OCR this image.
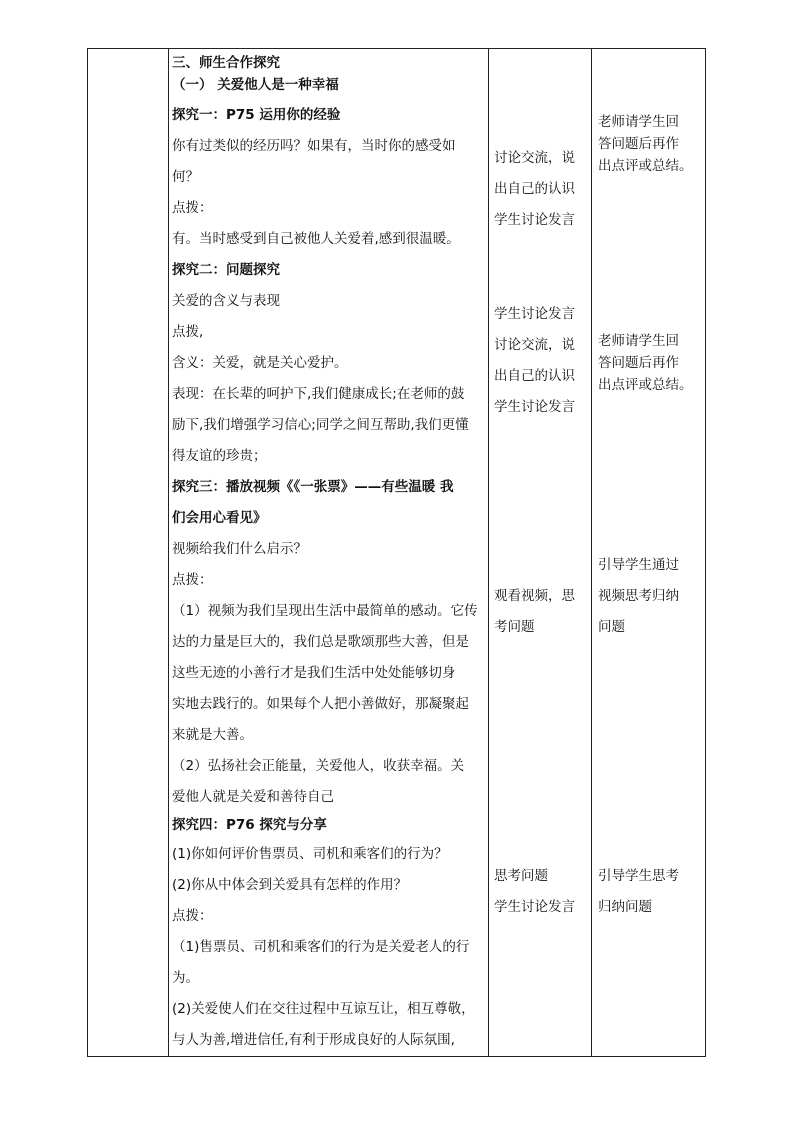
三、师生合作探究
（一） 关爱他人是一种幸福
探究一：P75 运用你的经验
你有过类似的经历吗？如果有，当时你的感受如
何？
点拨：
有。当时感受到自己被他人关爱着,感到很温暖。
探究二：问题探究
关爱的含义与表现
点拨,
含义：关爱，就是关心爱护。
表现：在长辈的呵护下,我们健康成长;在老师的鼓
励下,我们增强学习信心;同学之间互帮助,我们更懂
得友谊的珍贵；
探究三：播放视频《《一张票》——有些温暖 我
们会用心看见》
视频给我们什么启示？
点拨：
（1）视频为我们呈现出生活中最简单的感动。它传
达的力量是巨大的，我们总是歌颂那些大善，但是
这些无迹的小善行才是我们生活中处处能够切身
实地去践行的。如果每个人把小善做好，那凝聚起
来就是大善。
（2）弘扬社会正能量，关爱他人，收获幸福。关
爱他人就是关爱和善待自己
探究四：P76 探究与分享
(1)你如何评价售票员、司机和乘客们的行为？
(2)你从中体会到关爱具有怎样的作用？
点拨：
（1)售票员、司机和乘客们的行为是关爱老人的行
为。
(2)关爱使人们在交往过程中互谅互让，相互尊敬，
与人为善,增进信任,有利于形成良好的人际氛围,
讨论交流，说
出自己的认识
学生讨论发言
学生讨论发言
讨论交流，说
出自己的认识
学生讨论发言
观看视频，思
考问题
思考问题
学生讨论发言
老师请学生回
答问题后再作
出点评或总结。
老师请学生回
答问题后再作
出点评或总结。
引导学生通过
视频思考归纳
问题
引导学生思考
归纳问题
